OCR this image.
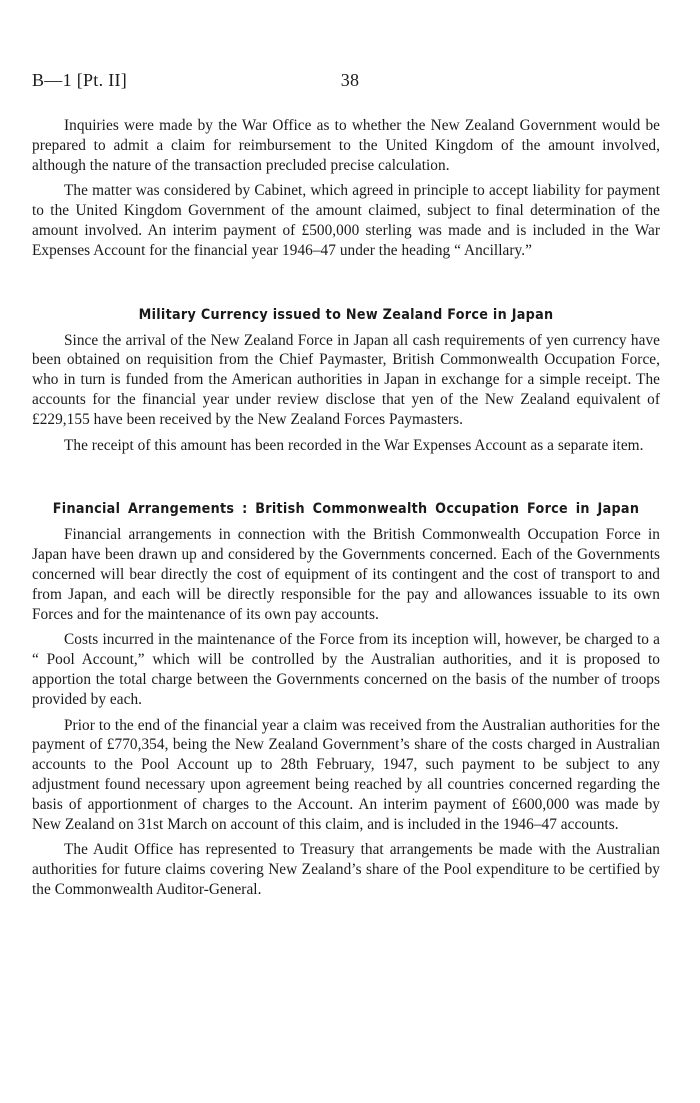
B—1 [Pt. II]	38

Inquiries were made by the War Office as to whether the New Zealand Government would be prepared to admit a claim for reimbursement to the United Kingdom of the amount involved, although the nature of the transaction precluded precise calculation.

The matter was considered by Cabinet, which agreed in principle to accept liability for payment to the United Kingdom Government of the amount claimed, subject to final determination of the amount involved. An interim payment of £500,000 sterling was made and is included in the War Expenses Account for the financial year 1946–47 under the heading “ Ancillary.”

Military Currency issued to New Zealand Force in Japan

Since the arrival of the New Zealand Force in Japan all cash requirements of yen currency have been obtained on requisition from the Chief Paymaster, British Commonwealth Occupation Force, who in turn is funded from the American authorities in Japan in exchange for a simple receipt. The accounts for the financial year under review disclose that yen of the New Zealand equivalent of £229,155 have been received by the New Zealand Forces Paymasters.

The receipt of this amount has been recorded in the War Expenses Account as a separate item.

Financial Arrangements : British Commonwealth Occupation Force in Japan

Financial arrangements in connection with the British Commonwealth Occupation Force in Japan have been drawn up and considered by the Governments concerned. Each of the Governments concerned will bear directly the cost of equipment of its contingent and the cost of transport to and from Japan, and each will be directly responsible for the pay and allowances issuable to its own Forces and for the maintenance of its own pay accounts.

Costs incurred in the maintenance of the Force from its inception will, however, be charged to a “ Pool Account,” which will be controlled by the Australian authorities, and it is proposed to apportion the total charge between the Governments concerned on the basis of the number of troops provided by each.

Prior to the end of the financial year a claim was received from the Australian authorities for the payment of £770,354, being the New Zealand Government’s share of the costs charged in Australian accounts to the Pool Account up to 28th February, 1947, such payment to be subject to any adjustment found necessary upon agreement being reached by all countries concerned regarding the basis of apportionment of charges to the Account. An interim payment of £600,000 was made by New Zealand on 31st March on account of this claim, and is included in the 1946–47 accounts.

The Audit Office has represented to Treasury that arrangements be made with the Australian authorities for future claims covering New Zealand’s share of the Pool expenditure to be certified by the Commonwealth Auditor-General.
